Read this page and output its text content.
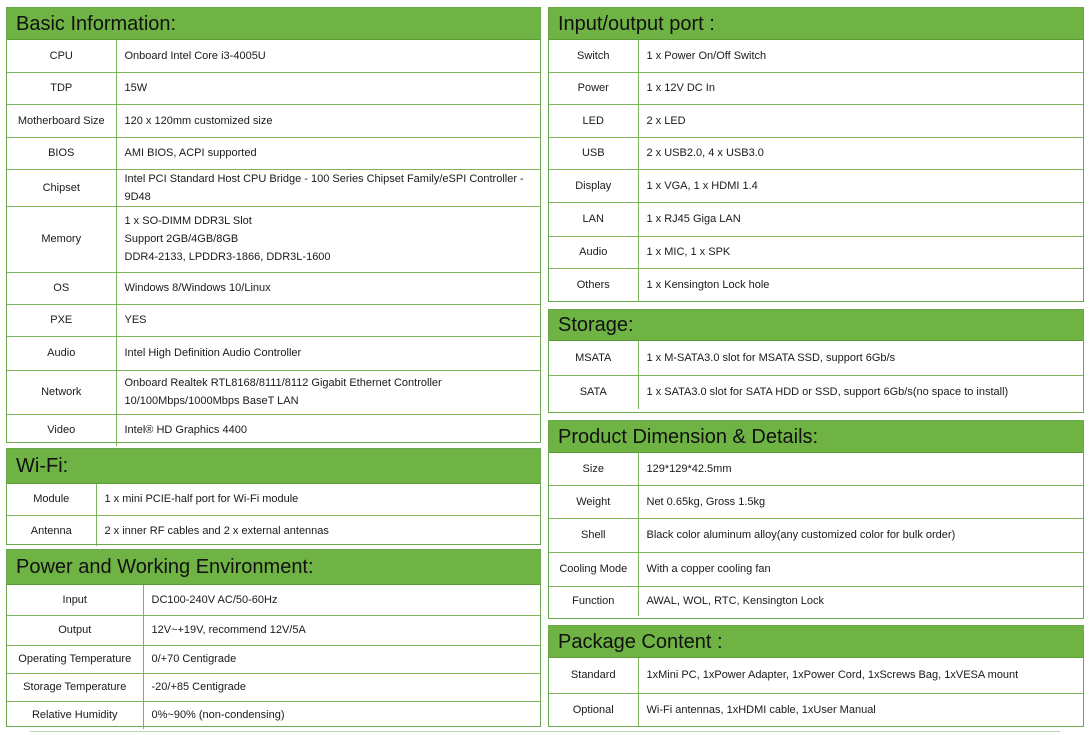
Basic Information:
CPU	Onboard Intel Core i3-4005U

TDP	15W

Motherboard Size	120 x 120mm customized size

BIOS	AMI BIOS, ACPI supported

Chipset	Intel PCI Standard Host CPU Bridge - 100 Series Chipset Family/eSPI Controller - 9D48

Memory	1 x SO-DIMM DDR3L Slot
Support 2GB/4GB/8GB
DDR4-2133, LPDDR3-1866, DDR3L-1600

OS	Windows 8/Windows 10/Linux

PXE	YES

Audio	Intel High Definition Audio Controller

Network	Onboard Realtek RTL8168/8111/8112 Gigabit Ethernet Controller
10/100Mbps/1000Mbps BaseT LAN

Video	Intel® HD Graphics 4400
Wi-Fi:
Module	1 x mini PCIE-half port for Wi-Fi module

Antenna	2 x inner RF cables and 2 x external antennas
Power and Working Environment:
Input	DC100-240V AC/50-60Hz

Output	12V~+19V, recommend 12V/5A

Operating Temperature	0/+70 Centigrade

Storage Temperature	-20/+85 Centigrade

Relative Humidity	0%~90% (non-condensing)
Input/output port :
Switch	1 x Power On/Off Switch

Power	1 x 12V DC In

LED	2 x LED

USB	2 x USB2.0, 4 x USB3.0

Display	1 x VGA, 1 x HDMI 1.4

LAN	1 x RJ45 Giga LAN

Audio	1 x MIC, 1 x SPK

Others	1 x Kensington Lock hole
Storage:
MSATA	1 x M-SATA3.0 slot for MSATA SSD, support 6Gb/s

SATA	1 x SATA3.0 slot for SATA HDD or SSD, support 6Gb/s(no space to install)
Product Dimension & Details:
Size	129*129*42.5mm

Weight	Net 0.65kg, Gross 1.5kg

Shell	Black color aluminum alloy(any customized color for bulk order)

Cooling Mode	With a copper cooling fan

Function	AWAL, WOL, RTC, Kensington Lock
Package Content :
Standard	1xMini PC, 1xPower Adapter, 1xPower Cord, 1xScrews Bag, 1xVESA mount

Optional	Wi-Fi antennas, 1xHDMI cable, 1xUser Manual
